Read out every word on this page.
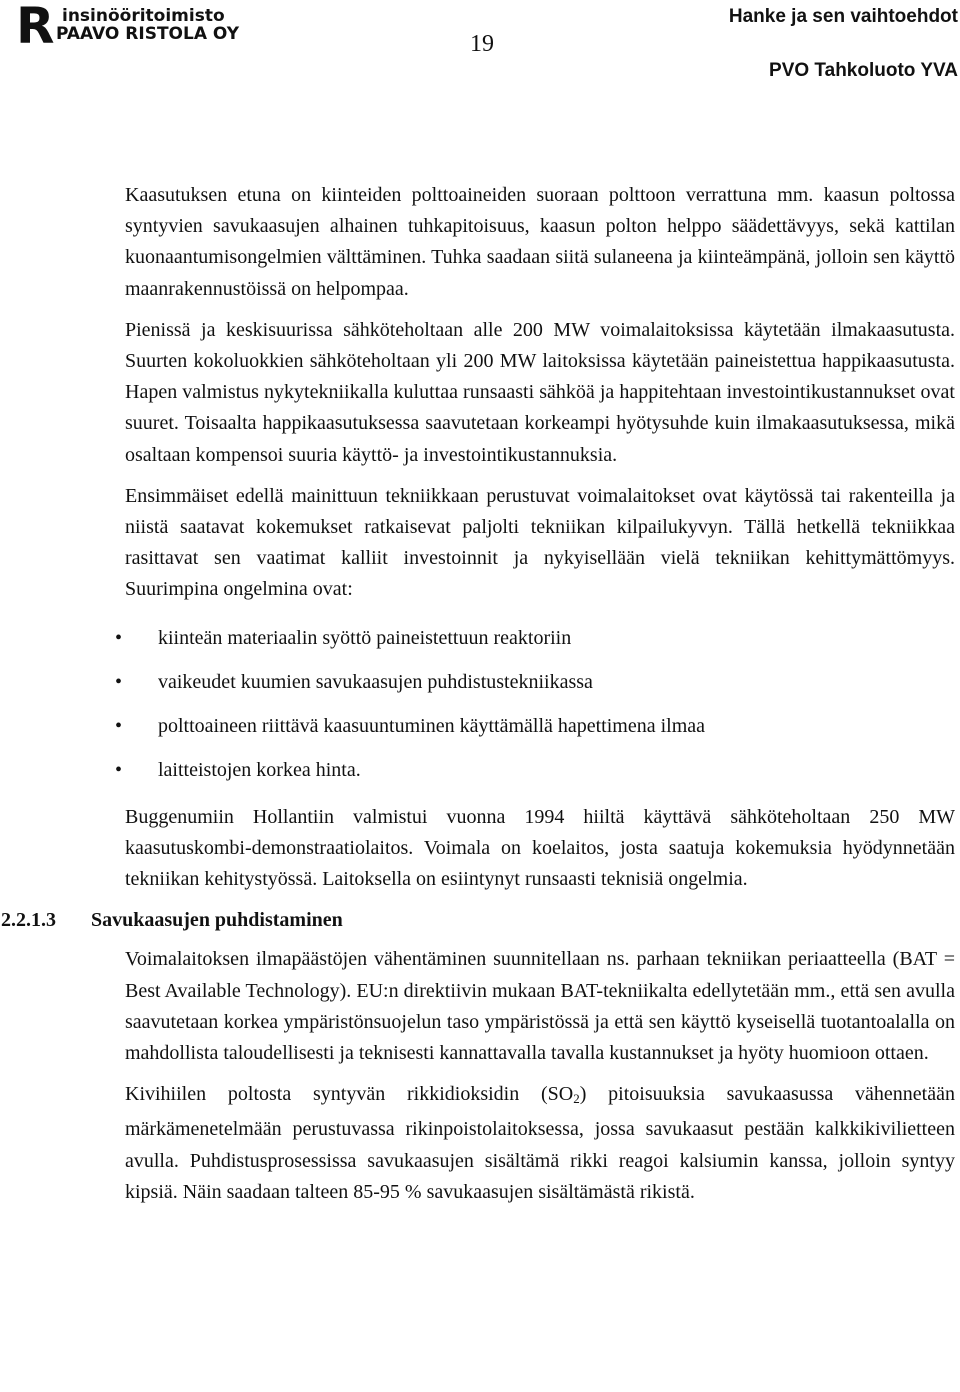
R insinööritoimisto
PAAVO RISTOLA OY	19
Hanke ja sen vaihtoehdot
PVO Tahkoluoto YVA

Kaasutuksen etuna on kiinteiden polttoaineiden suoraan polttoon verrattuna mm. kaasun poltossa syntyvien savukaasujen alhainen tuhkapitoisuus, kaasun polton helppo säädettävyys, sekä kattilan kuonaantumisongelmien välttäminen. Tuhka saadaan siitä sulaneena ja kiinteämpänä, jolloin sen käyttö maanrakennustöissä on helpompaa.

Pienissä ja keskisuurissa sähköteholtaan alle 200 MW voimalaitoksissa käytetään ilmakaasutusta. Suurten kokoluokkien sähköteholtaan yli 200 MW laitoksissa käytetään paineistettua happikaasutusta. Hapen valmistus nykytekniikalla kuluttaa runsaasti sähköä ja happitehtaan investointikustannukset ovat suuret. Toisaalta happikaasutuksessa saavutetaan korkeampi hyötysuhde kuin ilmakaasutuksessa, mikä osaltaan kompensoi suuria käyttö- ja investointikustannuksia.

Ensimmäiset edellä mainittuun tekniikkaan perustuvat voimalaitokset ovat käytössä tai rakenteilla ja niistä saatavat kokemukset ratkaisevat paljolti tekniikan kilpailukyvyn. Tällä hetkellä tekniikkaa rasittavat sen vaatimat kalliit investoinnit ja nykyisellään vielä tekniikan kehittymättömyys. Suurimpina ongelmina ovat:

• kiinteän materiaalin syöttö paineistettuun reaktoriin
• vaikeudet kuumien savukaasujen puhdistustekniikassa
• polttoaineen riittävä kaasuuntuminen käyttämällä hapettimena ilmaa
• laitteistojen korkea hinta.

Buggenumiin Hollantiin valmistui vuonna 1994 hiiltä käyttävä sähköteholtaan 250 MW kaasutuskombi-demonstraatiolaitos. Voimala on koelaitos, josta saatuja kokemuksia hyödynnetään tekniikan kehitystyössä. Laitoksella on esiintynyt runsaasti teknisiä ongelmia.

2.2.1.3 Savukaasujen puhdistaminen

Voimalaitoksen ilmapäästöjen vähentäminen suunnitellaan ns. parhaan tekniikan periaatteella (BAT = Best Available Technology). EU:n direktiivin mukaan BAT-tekniikalta edellytetään mm., että sen avulla saavutetaan korkea ympäristönsuojelun taso ympäristössä ja että sen käyttö kyseisellä tuotantoalalla on mahdollista taloudellisesti ja teknisesti kannattavalla tavalla kustannukset ja hyöty huomioon ottaen.

Kivihiilen poltosta syntyvän rikkidioksidin $(SO_2)$ pitoisuuksia savukaasussa vähennetään märkämenetelmään perustuvassa rikinpoistolaitoksessa, jossa savukaasut pestään kalkkikivilietteen avulla. Puhdistusprosessissa savukaasujen sisältämä rikki reagoi kalsiumin kanssa, jolloin syntyy kipsiä. Näin saadaan talteen 85-95 % savukaasujen sisältämästä rikistä.
